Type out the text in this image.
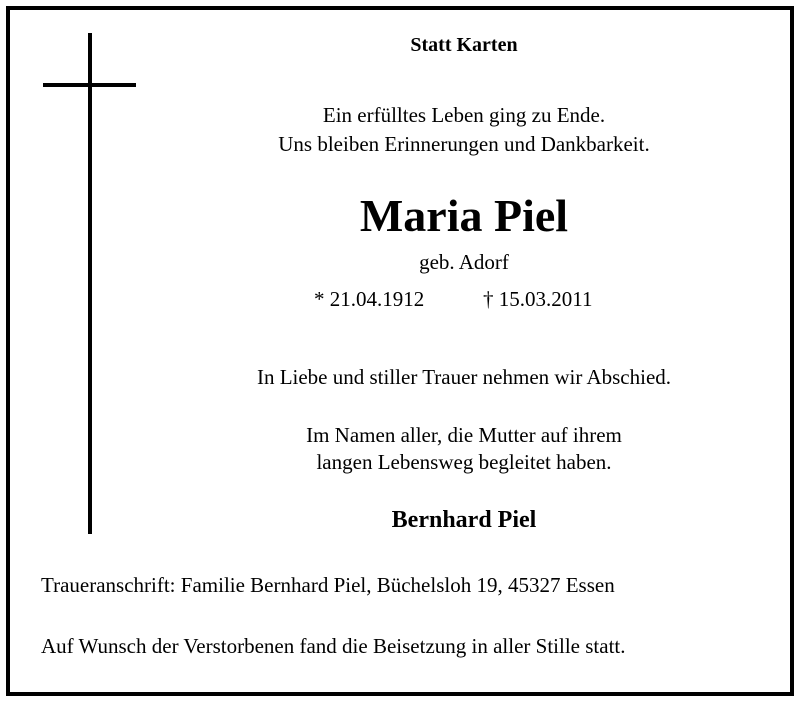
Statt Karten
Ein erfülltes Leben ging zu Ende.
Uns bleiben Erinnerungen und Dankbarkeit.
Maria Piel
geb. Adorf
* 21.04.1912	† 15.03.2011
In Liebe und stiller Trauer nehmen wir Abschied.
Im Namen aller, die Mutter auf ihrem
langen Lebensweg begleitet haben.
Bernhard Piel
Traueranschrift: Familie Bernhard Piel, Büchelsloh 19, 45327 Essen
Auf Wunsch der Verstorbenen fand die Beisetzung in aller Stille statt.
